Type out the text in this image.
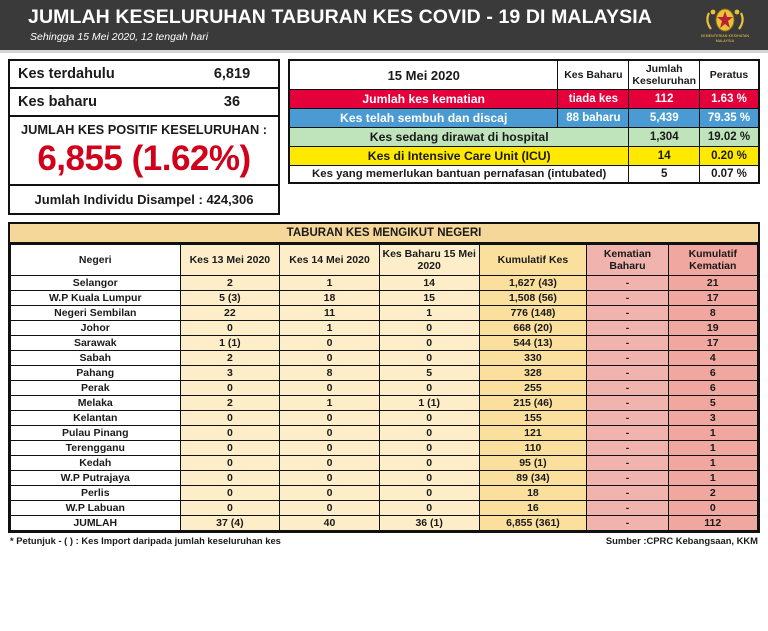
JUMLAH KESELURUHAN TABURAN KES COVID - 19 DI MALAYSIA
Sehingga 15 Mei 2020, 12 tengah hari	KEMENTERIAN KESIHATAN MALAYSIA
Kes terdahulu	6,819
Kes baharu	36
JUMLAH KES POSITIF KESELURUHAN :
6,855 (1.62%)
Jumlah Individu Disampel : 424,306
15 Mei 2020	Kes Baharu	Jumlah Keseluruhan	Peratus
Jumlah kes kematian	tiada kes	112	1.63 %
Kes telah sembuh dan discaj	88 baharu	5,439	79.35 %
Kes sedang dirawat di hospital		1,304	19.02 %
Kes di Intensive Care Unit (ICU)		14	0.20 %
Kes yang memerlukan bantuan pernafasan (intubated)		5	0.07 %
TABURAN KES MENGIKUT NEGERI
Negeri	Kes 13 Mei 2020	Kes 14 Mei 2020	Kes Baharu 15 Mei 2020	Kumulatif Kes	Kematian Baharu	Kumulatif Kematian
Selangor	2	1	14	1,627 (43)	-	21
W.P Kuala Lumpur	5 (3)	18	15	1,508 (56)	-	17
Negeri Sembilan	22	11	1	776 (148)	-	8
Johor	0	1	0	668 (20)	-	19
Sarawak	1 (1)	0	0	544 (13)	-	17
Sabah	2	0	0	330	-	4
Pahang	3	8	5	328	-	6
Perak	0	0	0	255	-	6
Melaka	2	1	1 (1)	215 (46)	-	5
Kelantan	0	0	0	155	-	3
Pulau Pinang	0	0	0	121	-	1
Terengganu	0	0	0	110	-	1
Kedah	0	0	0	95 (1)	-	1
W.P Putrajaya	0	0	0	89 (34)	-	1
Perlis	0	0	0	18	-	2
W.P Labuan	0	0	0	16	-	0
JUMLAH	37 (4)	40	36 (1)	6,855 (361)	-	112
* Petunjuk - ( ) : Kes Import daripada jumlah keseluruhan kes	Sumber :CPRC Kebangsaan, KKM
